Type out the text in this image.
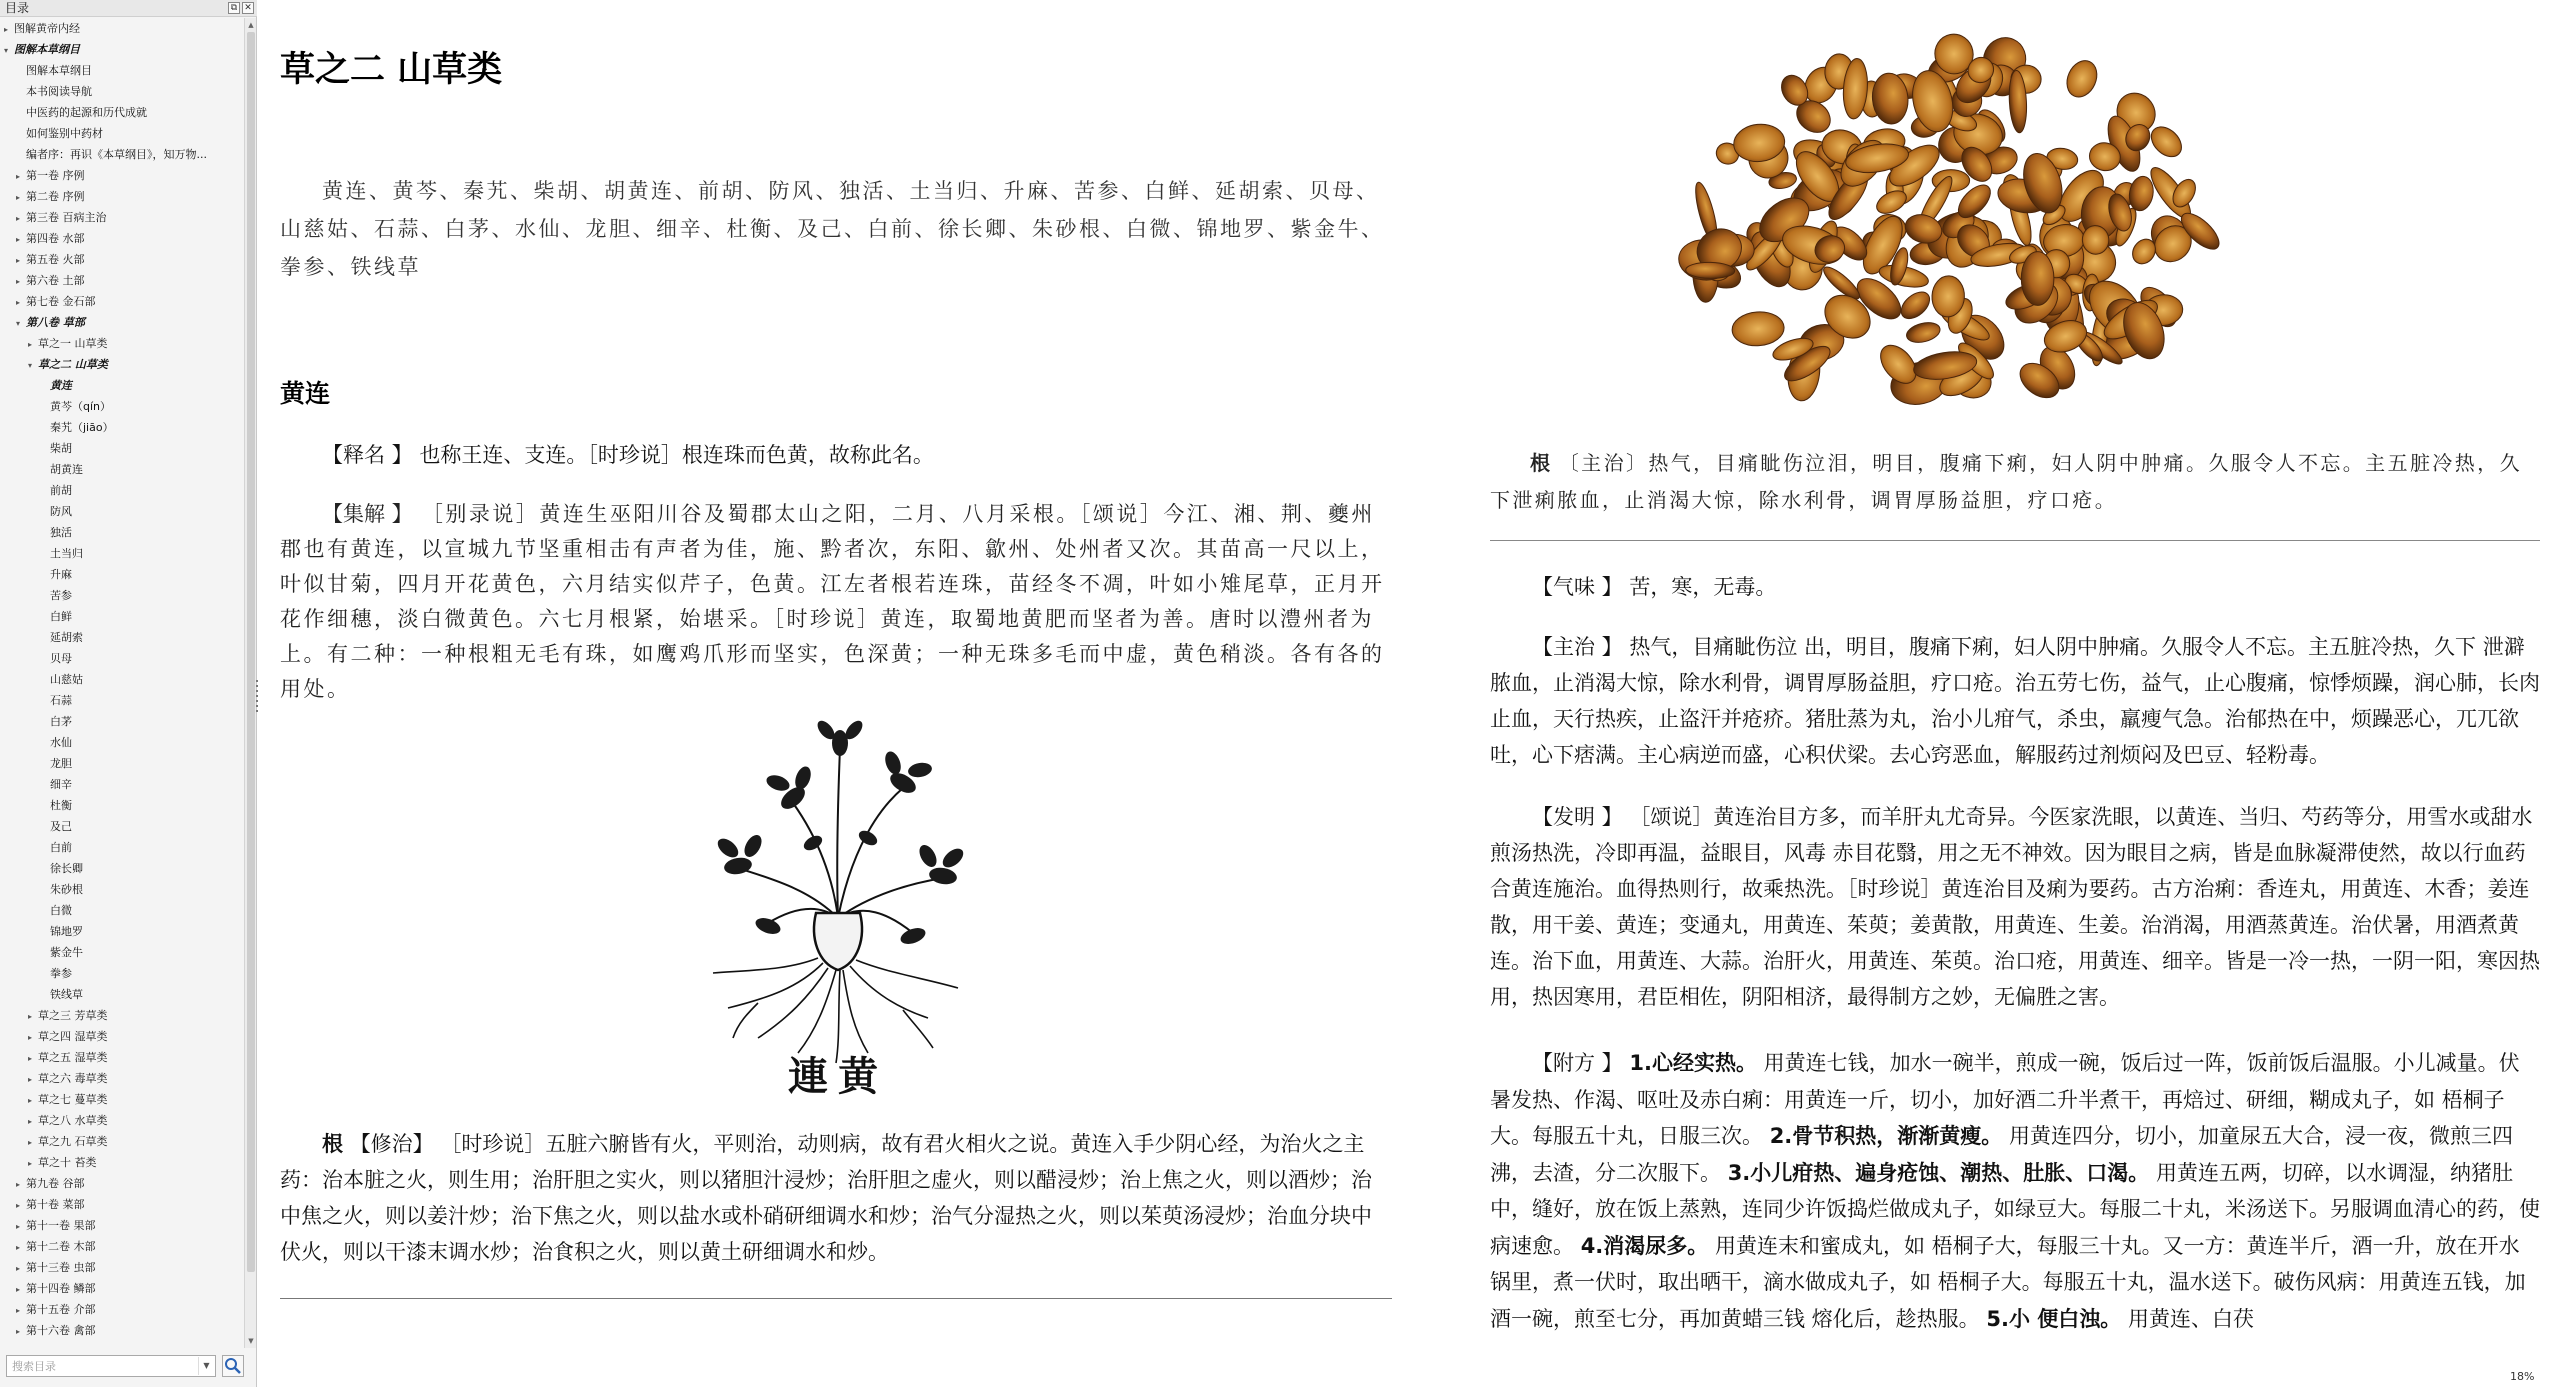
目录	⧉ ✕
▸ 图解黄帝内经
▾ 图解本草纲目
图解本草纲目
本书阅读导航
中医药的起源和历代成就
如何鉴别中药材
编者序：再识《本草纲目》，知万物...
▸ 第一卷 序例
▸ 第二卷 序例
▸ 第三卷 百病主治
▸ 第四卷 水部
▸ 第五卷 火部
▸ 第六卷 土部
▸ 第七卷 金石部
▾ 第八卷 草部
▸ 草之一 山草类
▾ 草之二 山草类
黄连
黄芩（qín）
秦艽（jiāo）
柴胡
胡黄连
前胡
防风
独活
土当归
升麻
苦参
白鲜
延胡索
贝母
山慈姑
石蒜
白茅
水仙
龙胆
细辛
杜衡
及己
白前
徐长卿
朱砂根
白微
锦地罗
紫金牛
拳参
铁线草
▸ 草之三 芳草类
▸ 草之四 湿草类
▸ 草之五 湿草类
▸ 草之六 毒草类
▸ 草之七 蔓草类
▸ 草之八 水草类
▸ 草之九 石草类
▸ 草之十 苔类
▸ 第九卷 谷部
▸ 第十卷 菜部
▸ 第十一卷 果部
▸ 第十二卷 木部
▸ 第十三卷 虫部
▸ 第十四卷 鳞部
▸ 第十五卷 介部
▸ 第十六卷 禽部
▲
▼
搜索目录
▼
草之二 山草类
黄连、黄芩、秦艽、柴胡、胡黄连、前胡、防风、独活、土当归、升麻、苦参、白鲜、延胡索、贝母、山慈姑、石蒜、白茅、水仙、龙胆、细辛、杜衡、及己、白前、徐长卿、朱砂根、白微、锦地罗、紫金牛、拳参、铁线草
黄连
【释名 】 也称王连、支连。［时珍说］根连珠而色黄，故称此名。
【集解 】 ［别录说］黄连生巫阳川谷及蜀郡太山之阳，二月、八月采根。［颂说］今江、湘、荆、夔州郡也有黄连，以宣城九节坚重相击有声者为佳，施、黔者次，东阳、歙州、处州者又次。其苗高一尺以上，叶似甘菊，四月开花黄色，六月结实似芹子，色黄。江左者根若连珠，苗经冬不凋，叶如小雉尾草，正月开花作细穗，淡白微黄色。六七月根紧，始堪采。［时珍说］黄连，取蜀地黄肥而坚者为善。唐时以澧州者为上。有二种：一种根粗无毛有珠，如鹰鸡爪形而坚实，色深黄；一种无珠多毛而中虚，黄色稍淡。各有各的用处。
連黄
根 【修治】 ［时珍说］五脏六腑皆有火，平则治，动则病，故有君火相火之说。黄连入手少阴心经，为治火之主药：治本脏之火，则生用；治肝胆之实火，则以猪胆汁浸炒；治肝胆之虚火，则以醋浸炒；治上焦之火，则以酒炒；治中焦之火，则以姜汁炒；治下焦之火，则以盐水或朴硝研细调水和炒；治气分湿热之火，则以茱萸汤浸炒；治血分块中伏火，则以干漆末调水炒；治食积之火，则以黄土研细调水和炒。
根 〔主治〕热气，目痛眦伤泣泪，明目，腹痛下痢，妇人阴中肿痛。久服令人不忘。主五脏冷热，久下泄痢脓血，止消渴大惊，除水利骨，调胃厚肠益胆，疗口疮。
【气味 】 苦，寒，无毒。
【主治 】 热气，目痛眦伤泣 出，明目，腹痛下痢，妇人阴中肿痛。久服令人不忘。主五脏冷热，久下 泄澼脓血，止消渴大惊，除水利骨，调胃厚肠益胆，疗口疮。治五劳七伤，益气，止心腹痛，惊悸烦躁，润心肺，长肉止血，天行热疾，止盗汗并疮疥。猪肚蒸为丸，治小儿疳气，杀虫，羸瘦气急。治郁热在中，烦躁恶心，兀兀欲吐，心下痞满。主心病逆而盛，心积伏梁。去心窍恶血，解服药过剂烦闷及巴豆、轻粉毒。
【发明 】 ［颂说］黄连治目方多，而羊肝丸尤奇异。今医家洗眼，以黄连、当归、芍药等分，用雪水或甜水煎汤热洗，冷即再温，益眼目，风毒 赤目花翳，用之无不神效。因为眼目之病，皆是血脉凝滞使然，故以行血药合黄连施治。血得热则行，故乘热洗。［时珍说］黄连治目及痢为要药。古方治痢：香连丸，用黄连、木香；姜连散，用干姜、黄连；变通丸，用黄连、茱萸；姜黄散，用黄连、生姜。治消渴，用酒蒸黄连。治伏暑，用酒煮黄连。治下血，用黄连、大蒜。治肝火，用黄连、茱萸。治口疮，用黄连、细辛。皆是一冷一热，一阴一阳，寒因热用，热因寒用，君臣相佐，阴阳相济，最得制方之妙，无偏胜之害。
【附方 】 1.心经实热。 用黄连七钱，加水一碗半，煎成一碗，饭后过一阵，饭前饭后温服。小儿减量。伏暑发热、作渴、呕吐及赤白痢：用黄连一斤，切小，加好酒二升半煮干，再焙过、研细，糊成丸子，如 梧桐子大。每服五十丸，日服三次。 2.骨节积热，渐渐黄瘦。 用黄连四分，切小，加童尿五大合，浸一夜，微煎三四沸，去渣，分二次服下。 3.小儿疳热、遍身疮蚀、潮热、肚胀、口渴。 用黄连五两，切碎，以水调湿，纳猪肚中，缝好，放在饭上蒸熟，连同少许饭捣烂做成丸子，如绿豆大。每服二十丸，米汤送下。另服调血清心的药，使病速愈。 4.消渴尿多。 用黄连末和蜜成丸，如 梧桐子大，每服三十丸。又一方：黄连半斤，酒一升，放在开水锅里，煮一伏时，取出晒干，滴水做成丸子，如 梧桐子大。每服五十丸，温水送下。破伤风病：用黄连五钱，加酒一碗，煎至七分，再加黄蜡三钱 熔化后，趁热服。 5.小 便白浊。 用黄连、白茯
18%
